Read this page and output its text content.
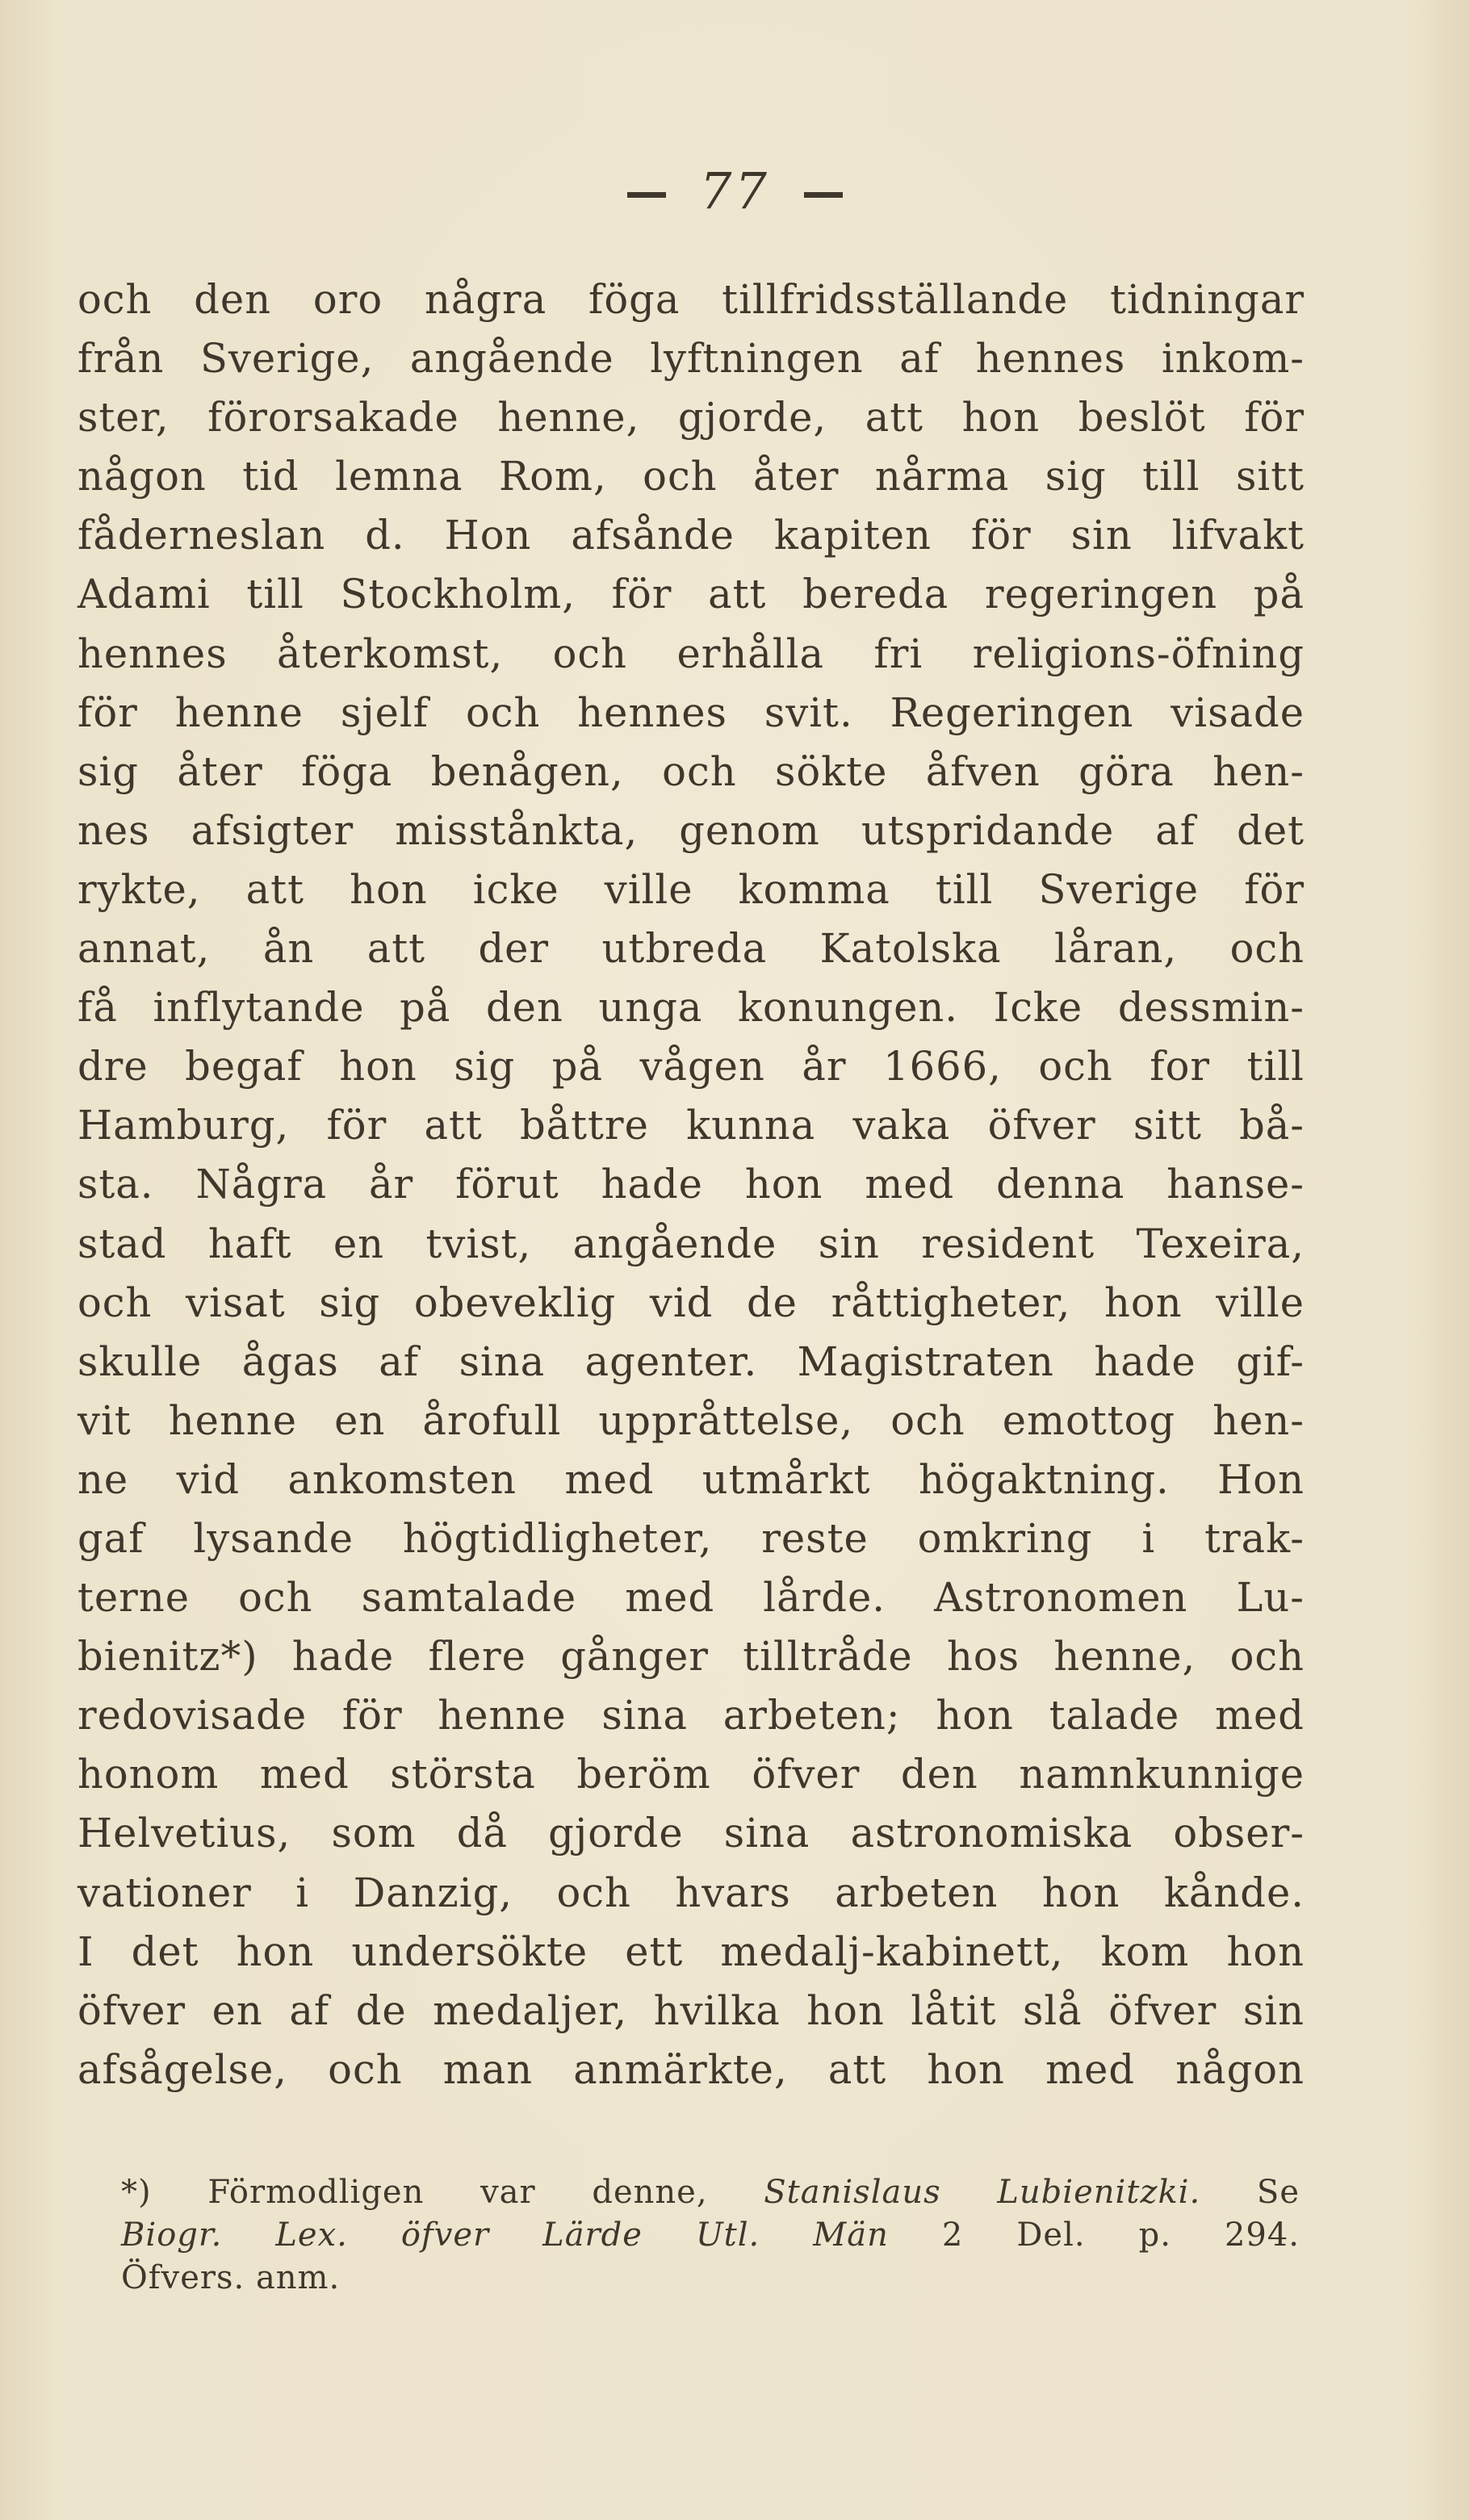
77
och den oro några föga tillfridsställande tidningar
från Sverige, angående lyftningen af hennes inkom-
ster, förorsakade henne, gjorde, att hon beslöt för
någon tid lemna Rom, och åter nårma sig till sitt
fåderneslan d. Hon afsånde kapiten för sin lifvakt
Adami till Stockholm, för att bereda regeringen på
hennes återkomst, och erhålla fri religions-öfning
för henne sjelf och hennes svit. Regeringen visade
sig åter föga benågen, och sökte åfven göra hen-
nes afsigter misstånkta, genom utspridande af det
rykte, att hon icke ville komma till Sverige för
annat, ån att der utbreda Katolska låran, och
få inflytande på den unga konungen. Icke dessmin-
dre begaf hon sig på vågen år 1666, och for till
Hamburg, för att båttre kunna vaka öfver sitt bå-
sta. Några år förut hade hon med denna hanse-
stad haft en tvist, angående sin resident Texeira,
och visat sig obeveklig vid de råttigheter, hon ville
skulle ågas af sina agenter. Magistraten hade gif-
vit henne en årofull uppråttelse, och emottog hen-
ne vid ankomsten med utmårkt högaktning. Hon
gaf lysande högtidligheter, reste omkring i trak-
terne och samtalade med lårde. Astronomen Lu-
bienitz*) hade flere gånger tilltråde hos henne, och
redovisade för henne sina arbeten; hon talade med
honom med största beröm öfver den namnkunnige
Helvetius, som då gjorde sina astronomiska obser-
vationer i Danzig, och hvars arbeten hon kånde.
I det hon undersökte ett medalj-kabinett, kom hon
öfver en af de medaljer, hvilka hon låtit slå öfver sin
afsågelse, och man anmärkte, att hon med någon
*) Förmodligen var denne, Stanislaus Lubienitzki. Se
Biogr. Lex. öfver Lärde Utl. Män 2 Del. p. 294.
Öfvers. anm.
